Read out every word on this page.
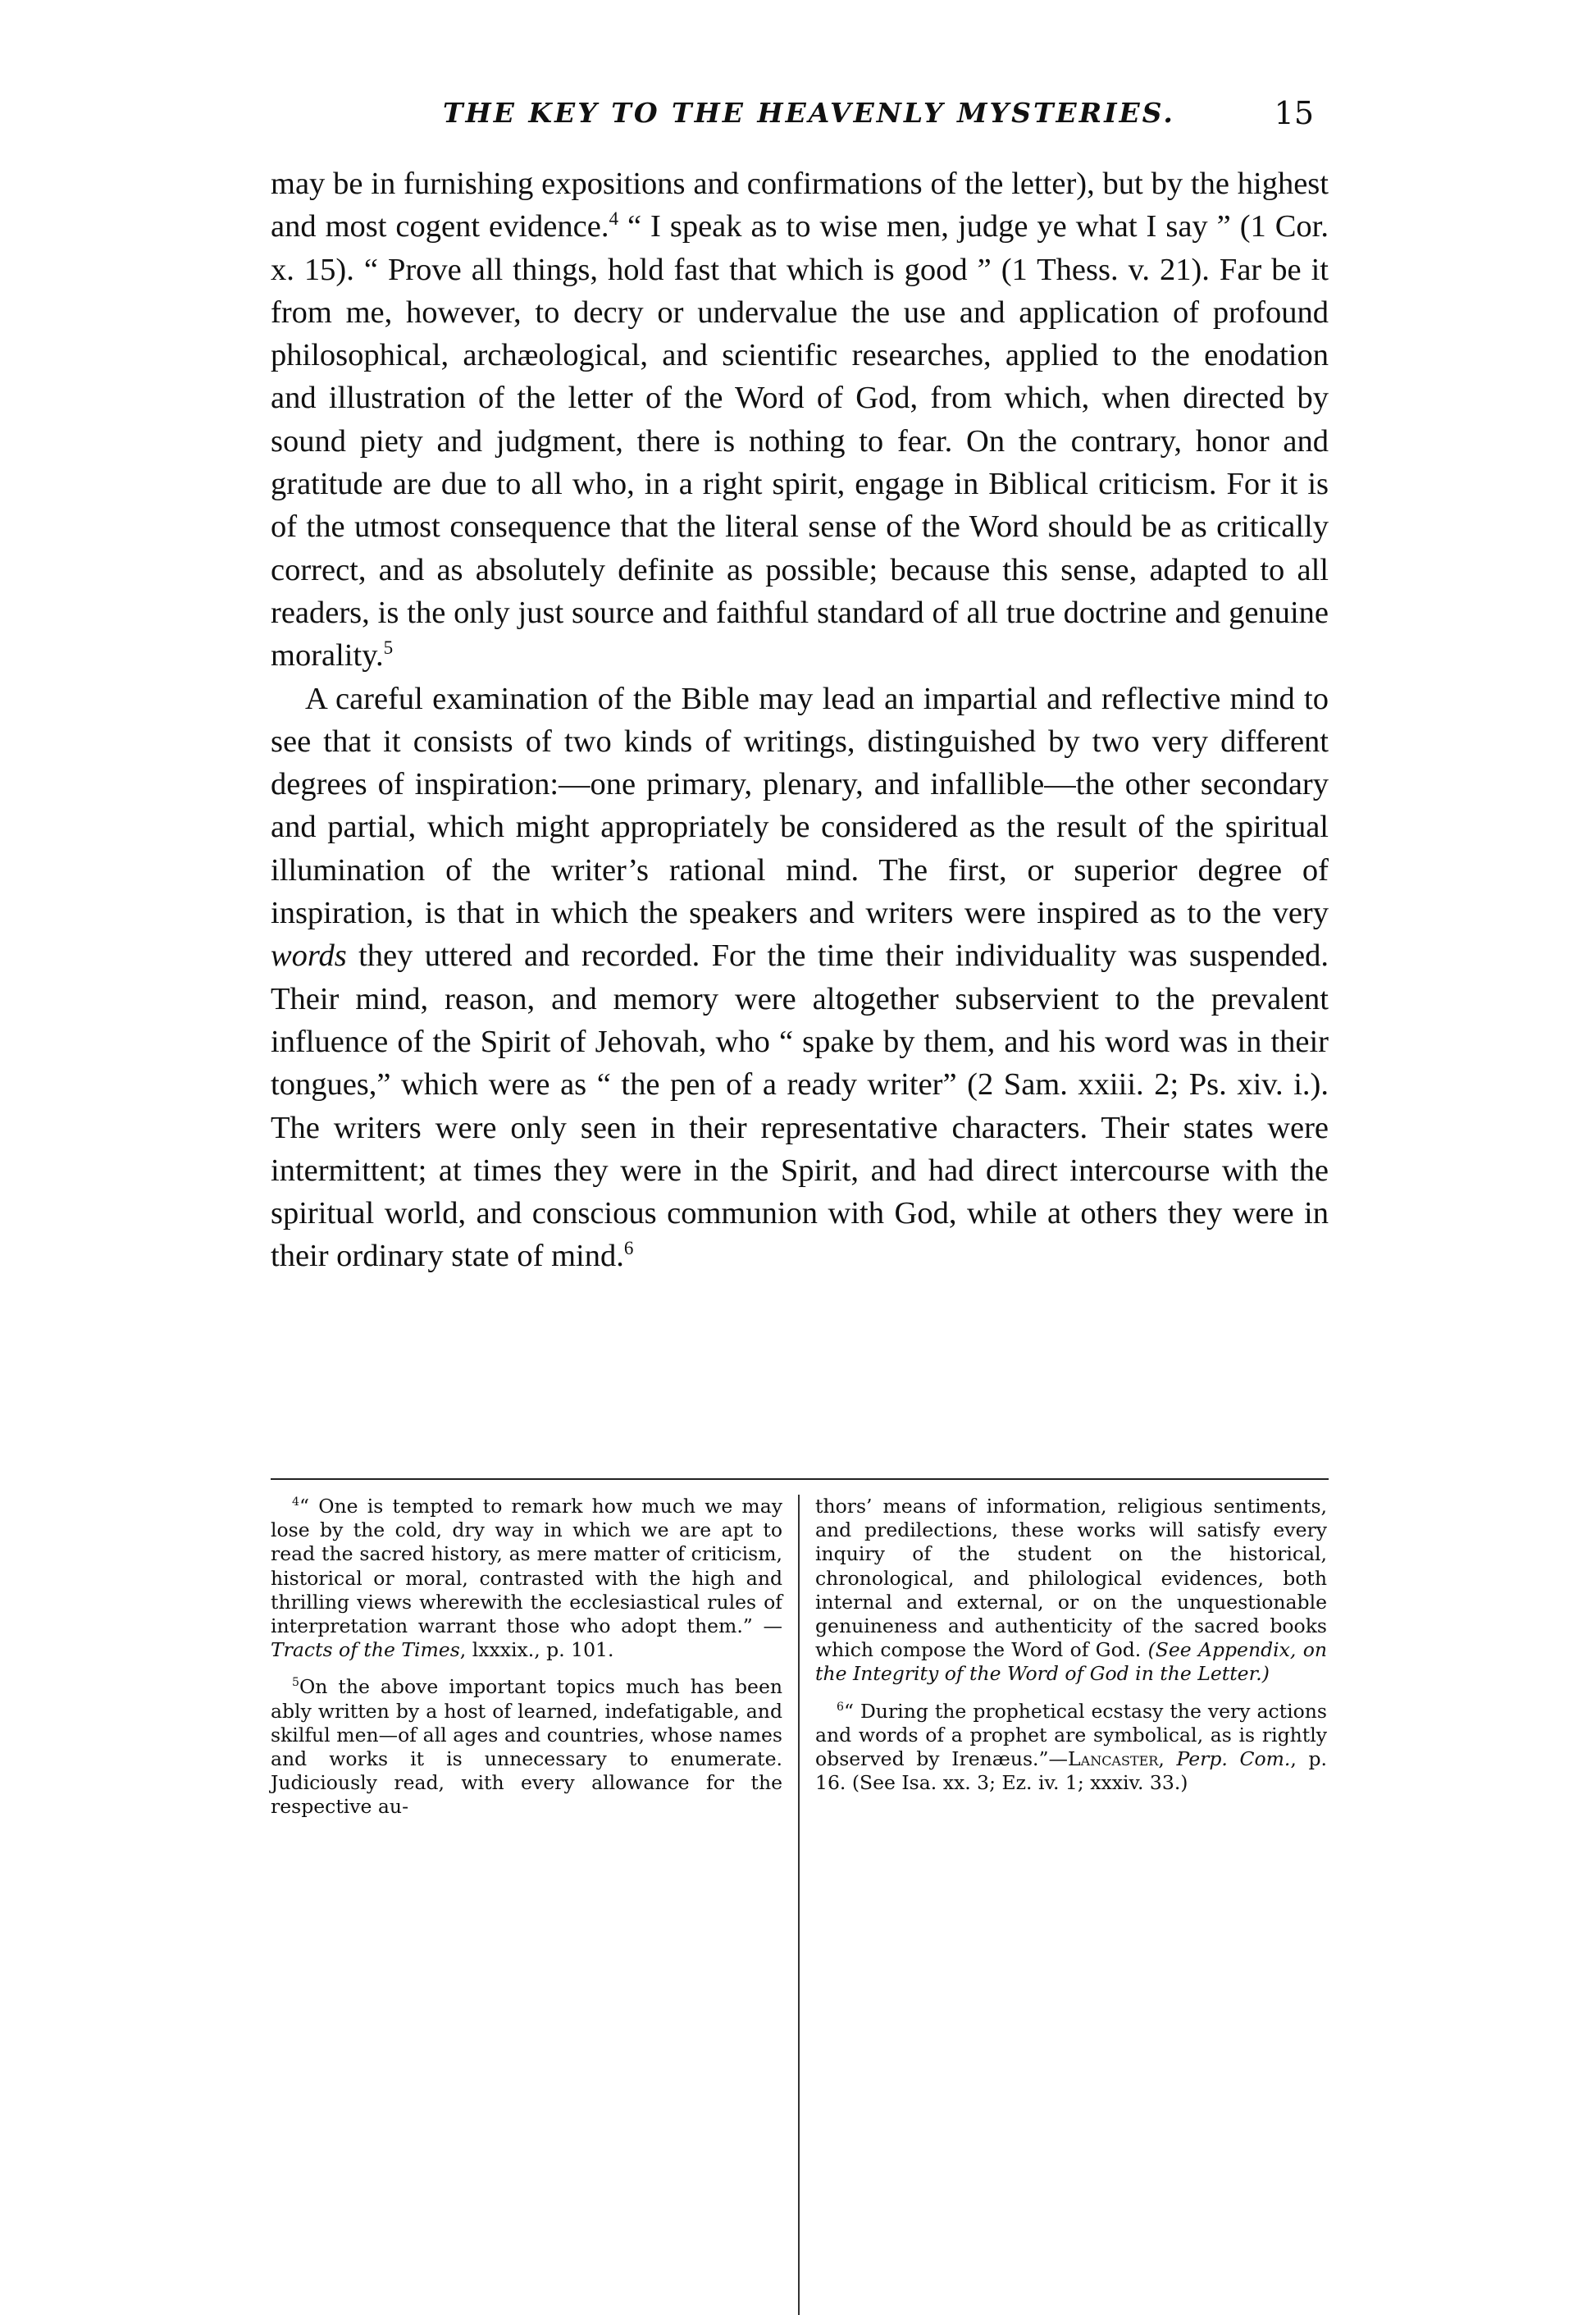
THE KEY TO THE HEAVENLY MYSTERIES.	15

may be in furnishing expositions and confirmations of the letter), but by the highest and most cogent evidence.$^4$ “ I speak as to wise men, judge ye what I say ” (1 Cor. x. 15). “ Prove all things, hold fast that which is good ” (1 Thess. v. 21). Far be it from me, however, to decry or undervalue the use and application of profound philosophical, archæological, and scientific researches, applied to the enodation and illustration of the letter of the Word of God, from which, when directed by sound piety and judgment, there is nothing to fear. On the contrary, honor and gratitude are due to all who, in a right spirit, engage in Biblical criticism. For it is of the utmost consequence that the literal sense of the Word should be as critically correct, and as absolutely definite as possible; because this sense, adapted to all readers, is the only just source and faithful standard of all true doctrine and genuine morality.$^5$

A careful examination of the Bible may lead an impartial and reflective mind to see that it consists of two kinds of writings, distinguished by two very different degrees of inspiration:—one primary, plenary, and infallible—the other secondary and partial, which might appropriately be considered as the result of the spiritual illumination of the writer’s rational mind. The first, or superior degree of inspiration, is that in which the speakers and writers were inspired as to the very words they uttered and recorded. For the time their individuality was suspended. Their mind, reason, and memory were altogether subservient to the prevalent influence of the Spirit of Jehovah, who “ spake by them, and his word was in their tongues,” which were as “ the pen of a ready writer” (2 Sam. xxiii. 2; Ps. xiv. i.). The writers were only seen in their representative characters. Their states were intermittent; at times they were in the Spirit, and had direct intercourse with the spiritual world, and conscious communion with God, while at others they were in their ordinary state of mind.$^6$

$^4$“ One is tempted to remark how much we may lose by the cold, dry way in which we are apt to read the sacred history, as mere matter of criticism, historical or moral, contrasted with the high and thrilling views wherewith the ecclesiastical rules of interpretation warrant those who adopt them.” —Tracts of the Times, lxxxix., p. 101.

$^5$On the above important topics much has been ably written by a host of learned, indefatigable, and skilful men—of all ages and countries, whose names and works it is unnecessary to enumerate. Judiciously read, with every allowance for the respective au-

thors’ means of information, religious sentiments, and predilections, these works will satisfy every inquiry of the student on the historical, chronological, and philological evidences, both internal and external, or on the unquestionable genuineness and authenticity of the sacred books which compose the Word of God. (See Appendix, on the Integrity of the Word of God in the Letter.)

$^6$“ During the prophetical ecstasy the very actions and words of a prophet are symbolical, as is rightly observed by Irenæus.”—Lancaster, Perp. Com., p. 16. (See Isa. xx. 3; Ez. iv. 1; xxxiv. 33.)
